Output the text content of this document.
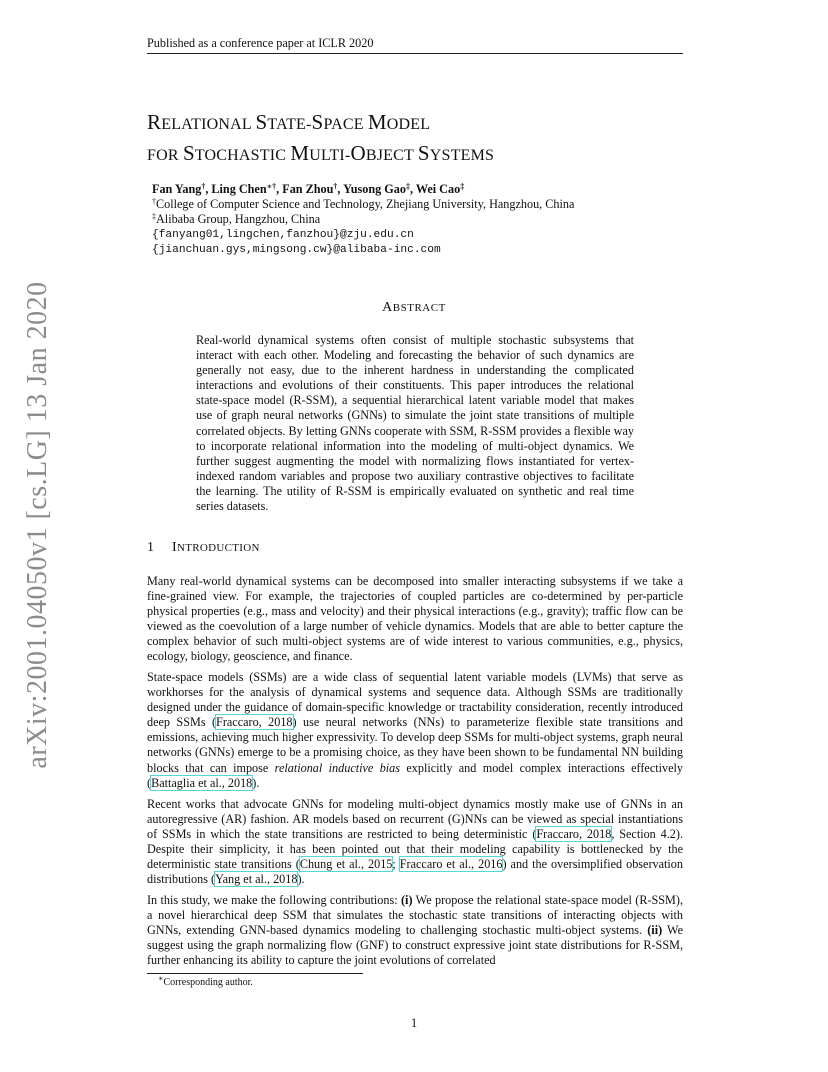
Published as a conference paper at ICLR 2020
RELATIONAL STATE-SPACE MODEL
FOR STOCHASTIC MULTI-OBJECT SYSTEMS
Fan Yang†, Ling Chen∗†, Fan Zhou†, Yusong Gao‡, Wei Cao‡
†College of Computer Science and Technology, Zhejiang University, Hangzhou, China
‡Alibaba Group, Hangzhou, China
{fanyang01,lingchen,fanzhou}@zju.edu.cn
{jianchuan.gys,mingsong.cw}@alibaba-inc.com
ABSTRACT
Real-world dynamical systems often consist of multiple stochastic subsystems that interact with each other. Modeling and forecasting the behavior of such dynamics are generally not easy, due to the inherent hardness in understanding the complicated interactions and evolutions of their constituents. This paper introduces the relational state-space model (R-SSM), a sequential hierarchical latent variable model that makes use of graph neural networks (GNNs) to simulate the joint state transitions of multiple correlated objects. By letting GNNs cooperate with SSM, R-SSM provides a flexible way to incorporate relational information into the modeling of multi-object dynamics. We further suggest augmenting the model with normalizing flows instantiated for vertex-indexed random variables and propose two auxiliary contrastive objectives to facilitate the learning. The utility of R-SSM is empirically evaluated on synthetic and real time series datasets.
1 INTRODUCTION

Many real-world dynamical systems can be decomposed into smaller interacting subsystems if we take a fine-grained view. For example, the trajectories of coupled particles are co-determined by per-particle physical properties (e.g., mass and velocity) and their physical interactions (e.g., gravity); traffic flow can be viewed as the coevolution of a large number of vehicle dynamics. Models that are able to better capture the complex behavior of such multi-object systems are of wide interest to various communities, e.g., physics, ecology, biology, geoscience, and finance.

State-space models (SSMs) are a wide class of sequential latent variable models (LVMs) that serve as workhorses for the analysis of dynamical systems and sequence data. Although SSMs are traditionally designed under the guidance of domain-specific knowledge or tractability consideration, recently introduced deep SSMs (Fraccaro, 2018) use neural networks (NNs) to parameterize flexible state transitions and emissions, achieving much higher expressivity. To develop deep SSMs for multi-object systems, graph neural networks (GNNs) emerge to be a promising choice, as they have been shown to be fundamental NN building blocks that can impose relational inductive bias explicitly and model complex interactions effectively (Battaglia et al., 2018).

Recent works that advocate GNNs for modeling multi-object dynamics mostly make use of GNNs in an autoregressive (AR) fashion. AR models based on recurrent (G)NNs can be viewed as special instantiations of SSMs in which the state transitions are restricted to being deterministic (Fraccaro, 2018, Section 4.2). Despite their simplicity, it has been pointed out that their modeling capability is bottlenecked by the deterministic state transitions (Chung et al., 2015; Fraccaro et al., 2016) and the oversimplified observation distributions (Yang et al., 2018).

In this study, we make the following contributions: (i) We propose the relational state-space model (R-SSM), a novel hierarchical deep SSM that simulates the stochastic state transitions of interacting objects with GNNs, extending GNN-based dynamics modeling to challenging stochastic multi-object systems. (ii) We suggest using the graph normalizing flow (GNF) to construct expressive joint state distributions for R-SSM, further enhancing its ability to capture the joint evolutions of correlated

∗Corresponding author.
1
arXiv:2001.04050v1 [cs.LG] 13 Jan 2020
